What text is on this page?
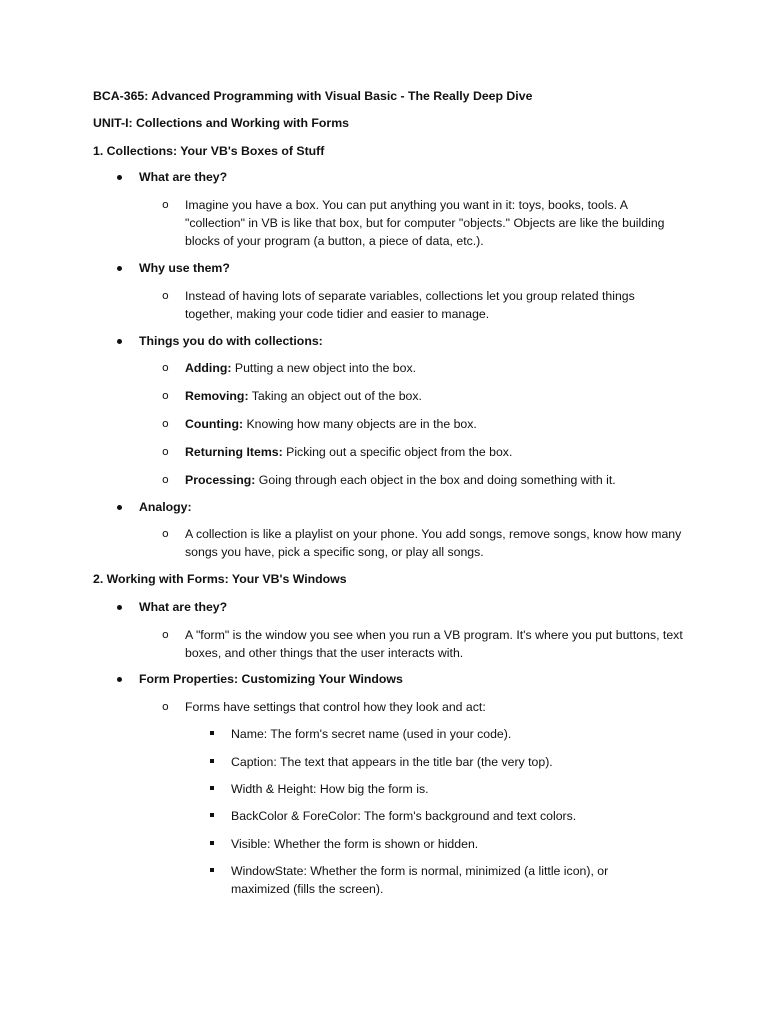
BCA-365: Advanced Programming with Visual Basic - The Really Deep Dive
UNIT-I: Collections and Working with Forms
1. Collections: Your VB's Boxes of Stuff
What are they?
o Imagine you have a box. You can put anything you want in it: toys, books, tools. A "collection" in VB is like that box, but for computer "objects." Objects are like the building blocks of your program (a button, a piece of data, etc.).
Why use them?
o Instead of having lots of separate variables, collections let you group related things together, making your code tidier and easier to manage.
Things you do with collections:
o Adding: Putting a new object into the box.
o Removing: Taking an object out of the box.
o Counting: Knowing how many objects are in the box.
o Returning Items: Picking out a specific object from the box.
o Processing: Going through each object in the box and doing something with it.
Analogy:
o A collection is like a playlist on your phone. You add songs, remove songs, know how many songs you have, pick a specific song, or play all songs.
2. Working with Forms: Your VB's Windows
What are they?
o A "form" is the window you see when you run a VB program. It's where you put buttons, text boxes, and other things that the user interacts with.
Form Properties: Customizing Your Windows
o Forms have settings that control how they look and act:
Name: The form's secret name (used in your code).
Caption: The text that appears in the title bar (the very top).
Width & Height: How big the form is.
BackColor & ForeColor: The form's background and text colors.
Visible: Whether the form is shown or hidden.
WindowState: Whether the form is normal, minimized (a little icon), or maximized (fills the screen).
